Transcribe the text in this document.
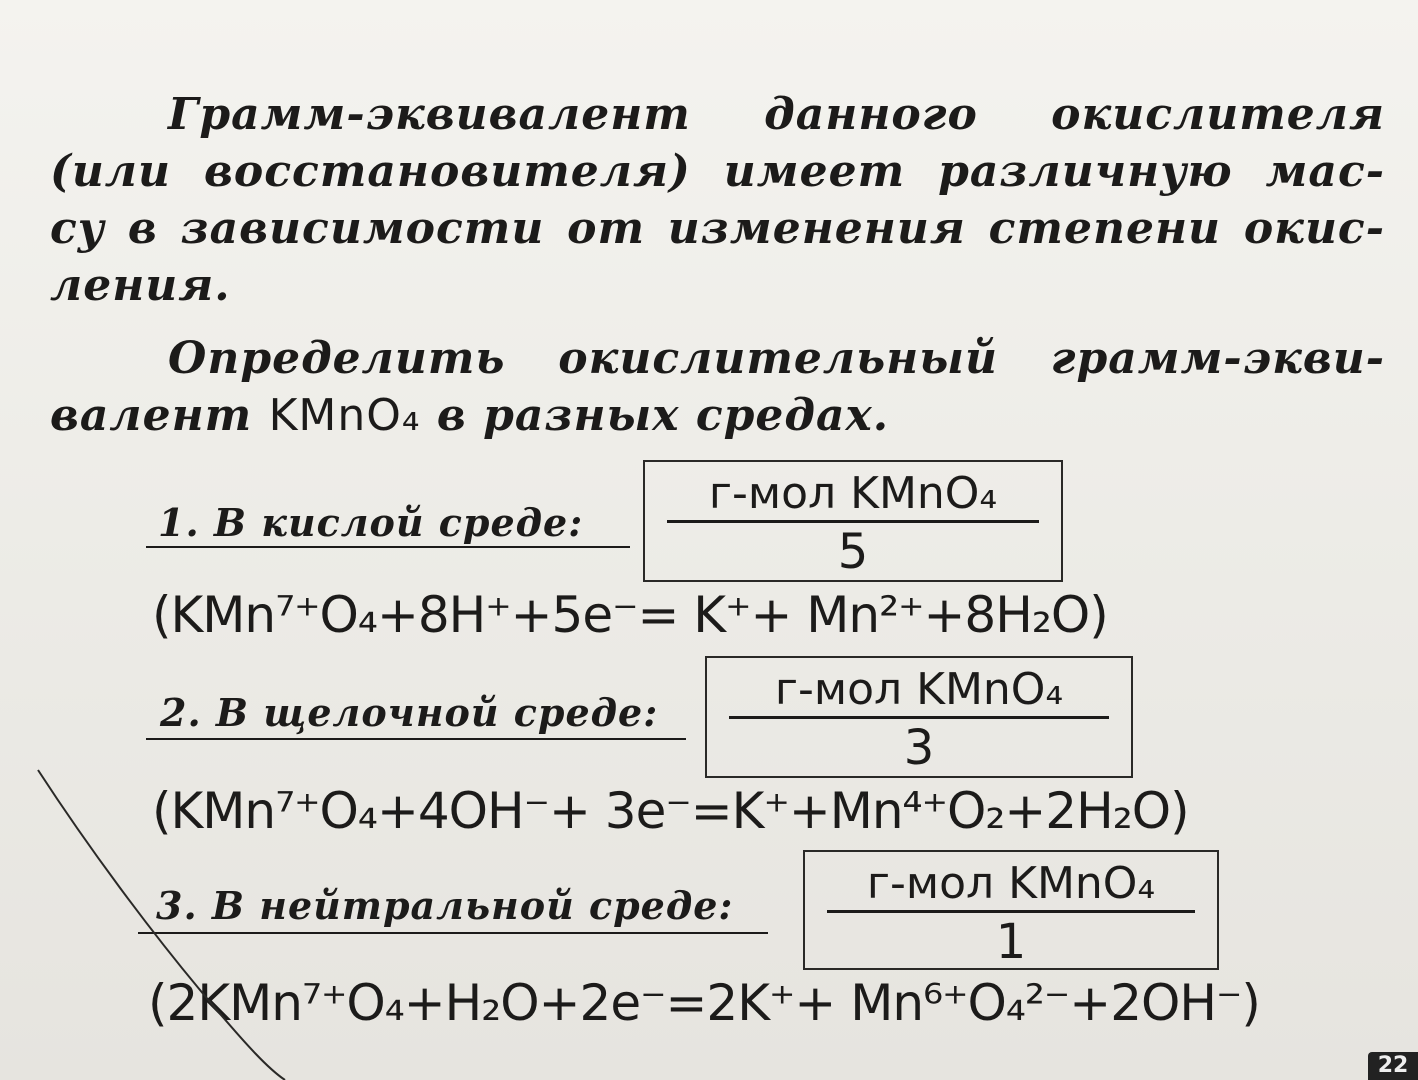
Грамм-эквивалент данного окислителя
(или восстановителя) имеет различную мас-
су в зависимости от изменения степени окис-
ления.
Определить окислительный грамм-экви-
валент KMnO₄ в разных средах.
1. В кислой среде:
г-мол KMnO₄
5
(KMn⁷⁺O₄+8H⁺+5e⁻= K⁺+ Mn²⁺+8H₂O)
2. В щелочной среде:	г-мол KMnO₄
3
(KMn⁷⁺O₄+4OH⁻+ 3e⁻=K⁺+Mn⁴⁺O₂+2H₂O)
3. В нейтральной среде:	г-мол KMnO₄
1
(2KMn⁷⁺O₄+H₂O+2e⁻=2K⁺+ Mn⁶⁺O₄²⁻+2OH⁻)
22
